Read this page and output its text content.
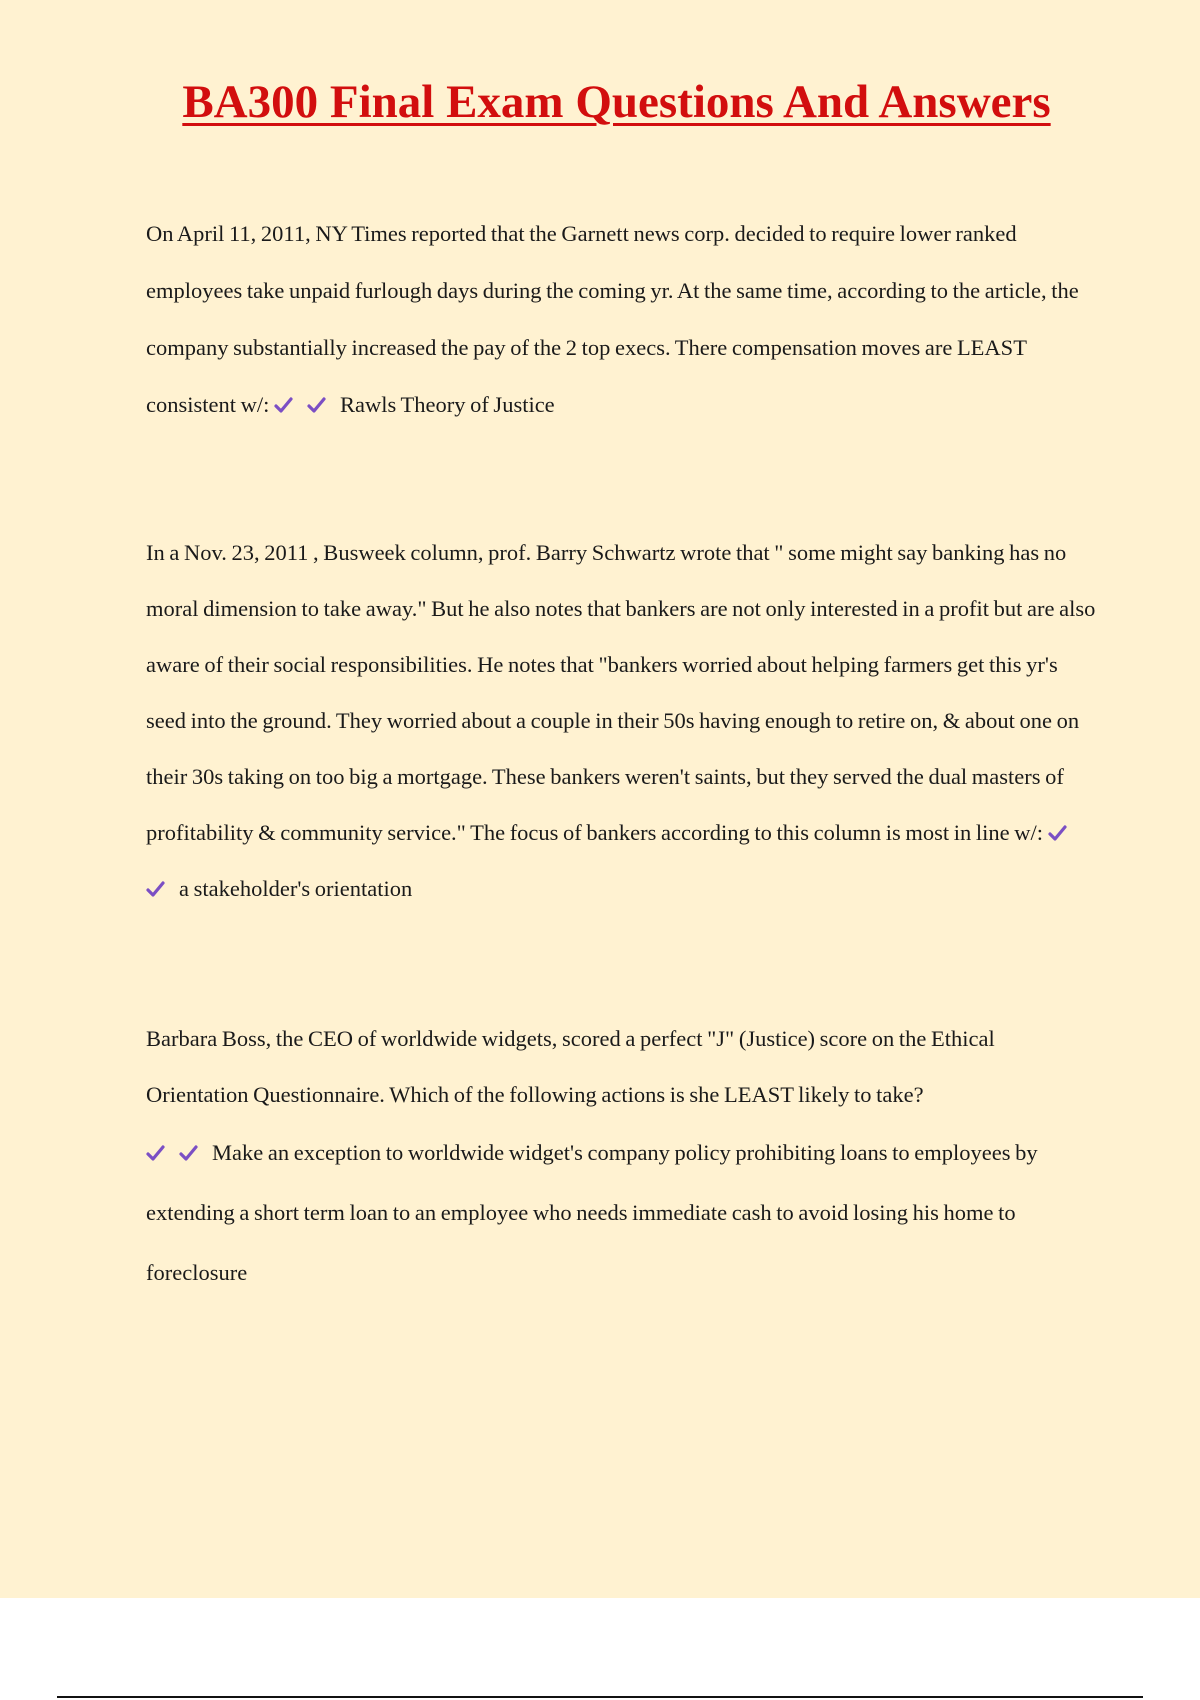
BA300 Final Exam Questions And Answers

On April 11, 2011, NY Times reported that the Garnett news corp. decided to require lower ranked employees take unpaid furlough days during the coming yr. At the same time, according to the article, the company substantially increased the pay of the 2 top execs. There compensation moves are LEAST consistent w/:	Rawls Theory of Justice

In a Nov. 23, 2011 , Busweek column, prof. Barry Schwartz wrote that " some might say banking has no moral dimension to take away." But he also notes that bankers are not only interested in a profit but are also aware of their social responsibilities. He notes that "bankers worried about helping farmers get this yr's seed into the ground. They worried about a couple in their 50s having enough to retire on, & about one on their 30s taking on too big a mortgage. These bankers weren't saints, but they served the dual masters of profitability & community service." The focus of bankers according to this column is most in line w/:
a stakeholder's orientation

Barbara Boss, the CEO of worldwide widgets, scored a perfect "J" (Justice) score on the Ethical Orientation Questionnaire. Which of the following actions is she LEAST likely to take?
Make an exception to worldwide widget's company policy prohibiting loans to employees by extending a short term loan to an employee who needs immediate cash to avoid losing his home to foreclosure
